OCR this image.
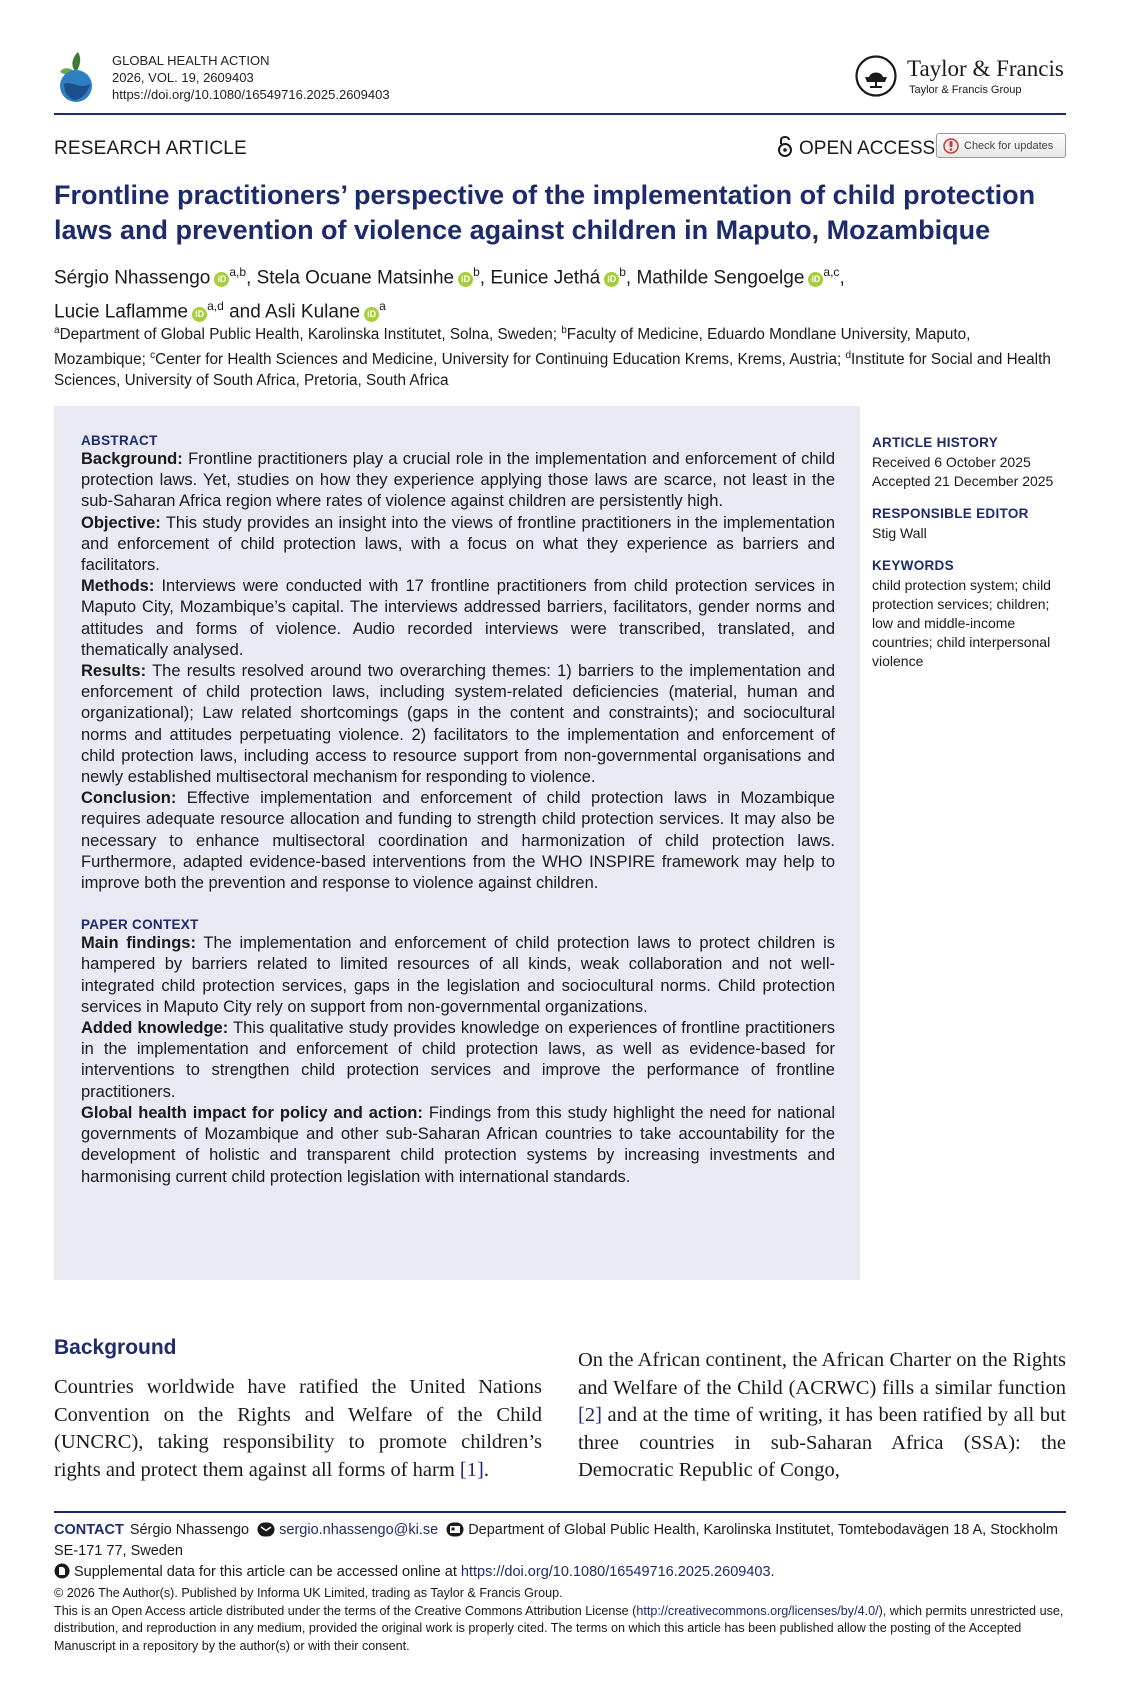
GLOBAL HEALTH ACTION
2026, VOL. 19, 2609403
https://doi.org/10.1080/16549716.2025.2609403
Taylor & Francis
Taylor & Francis Group
RESEARCH ARTICLE	OPEN ACCESS	Check for updates
Frontline practitioners’ perspective of the implementation of child protection laws and prevention of violence against children in Maputo, Mozambique
Sérgio Nhassengo iD$^{a,b}$, Stela Ocuane Matsinhe $iD^b$, Eunice Jethá $iD^b$, Mathilde Sengoelge iD$^{a,c}$,
Lucie Laflamme iD$^{a,d}$ and Asli Kulane $iD^a$
$^a$Department of Global Public Health, Karolinska Institutet, Solna, Sweden; $^b$Faculty of Medicine, Eduardo Mondlane University, Maputo, Mozambique; $^c$Center for Health Sciences and Medicine, University for Continuing Education Krems, Krems, Austria; $^d$Institute for Social and Health Sciences, University of South Africa, Pretoria, South Africa
ABSTRACT

Background: Frontline practitioners play a crucial role in the implementation and enforcement of child protection laws. Yet, studies on how they experience applying those laws are scarce, not least in the sub-Saharan Africa region where rates of violence against children are persistently high.

Objective: This study provides an insight into the views of frontline practitioners in the implementation and enforcement of child protection laws, with a focus on what they experience as barriers and facilitators.

Methods: Interviews were conducted with 17 frontline practitioners from child protection services in Maputo City, Mozambique’s capital. The interviews addressed barriers, facilitators, gender norms and attitudes and forms of violence. Audio recorded interviews were transcribed, translated, and thematically analysed.

Results: The results resolved around two overarching themes: 1) barriers to the implementation and enforcement of child protection laws, including system-related deficiencies (material, human and organizational); Law related shortcomings (gaps in the content and constraints); and sociocultural norms and attitudes perpetuating violence. 2) facilitators to the implementation and enforcement of child protection laws, including access to resource support from non-governmental organisations and newly established multisectoral mechanism for responding to violence.

Conclusion: Effective implementation and enforcement of child protection laws in Mozambique requires adequate resource allocation and funding to strength child protection services. It may also be necessary to enhance multisectoral coordination and harmonization of child protection laws. Furthermore, adapted evidence-based interventions from the WHO INSPIRE framework may help to improve both the prevention and response to violence against children.

PAPER CONTEXT

Main findings: The implementation and enforcement of child protection laws to protect children is hampered by barriers related to limited resources of all kinds, weak collaboration and not well-integrated child protection services, gaps in the legislation and sociocultural norms. Child protection services in Maputo City rely on support from non-governmental organizations.

Added knowledge: This qualitative study provides knowledge on experiences of frontline practitioners in the implementation and enforcement of child protection laws, as well as evidence-based for interventions to strengthen child protection services and improve the performance of frontline practitioners.

Global health impact for policy and action: Findings from this study highlight the need for national governments of Mozambique and other sub-Saharan African countries to take accountability for the development of holistic and transparent child protection systems by increasing investments and harmonising current child protection legislation with international standards.

ARTICLE HISTORY
Received 6 October 2025
Accepted 21 December 2025
RESPONSIBLE EDITOR
Stig Wall
KEYWORDS
child protection system; child protection services; children; low and middle-income countries; child interpersonal violence
Background
Countries worldwide have ratified the United Nations Convention on the Rights and Welfare of the Child (UNCRC), taking responsibility to promote children’s rights and protect them against all forms of harm [1].
On the African continent, the African Charter on the Rights and Welfare of the Child (ACRWC) fills a similar function [2] and at the time of writing, it has been ratified by all but three countries in sub-Saharan Africa (SSA): the Democratic Republic of Congo,
CONTACT Sérgio Nhassengo sergio.nhassengo@ki.se Department of Global Public Health, Karolinska Institutet, Tomtebodavägen 18 A, Stockholm SE-171 77, Sweden
Supplemental data for this article can be accessed online at https://doi.org/10.1080/16549716.2025.2609403.
© 2026 The Author(s). Published by Informa UK Limited, trading as Taylor & Francis Group.
This is an Open Access article distributed under the terms of the Creative Commons Attribution License (http://creativecommons.org/licenses/by/4.0/), which permits unrestricted use, distribution, and reproduction in any medium, provided the original work is properly cited. The terms on which this article has been published allow the posting of the Accepted Manuscript in a repository by the author(s) or with their consent.
